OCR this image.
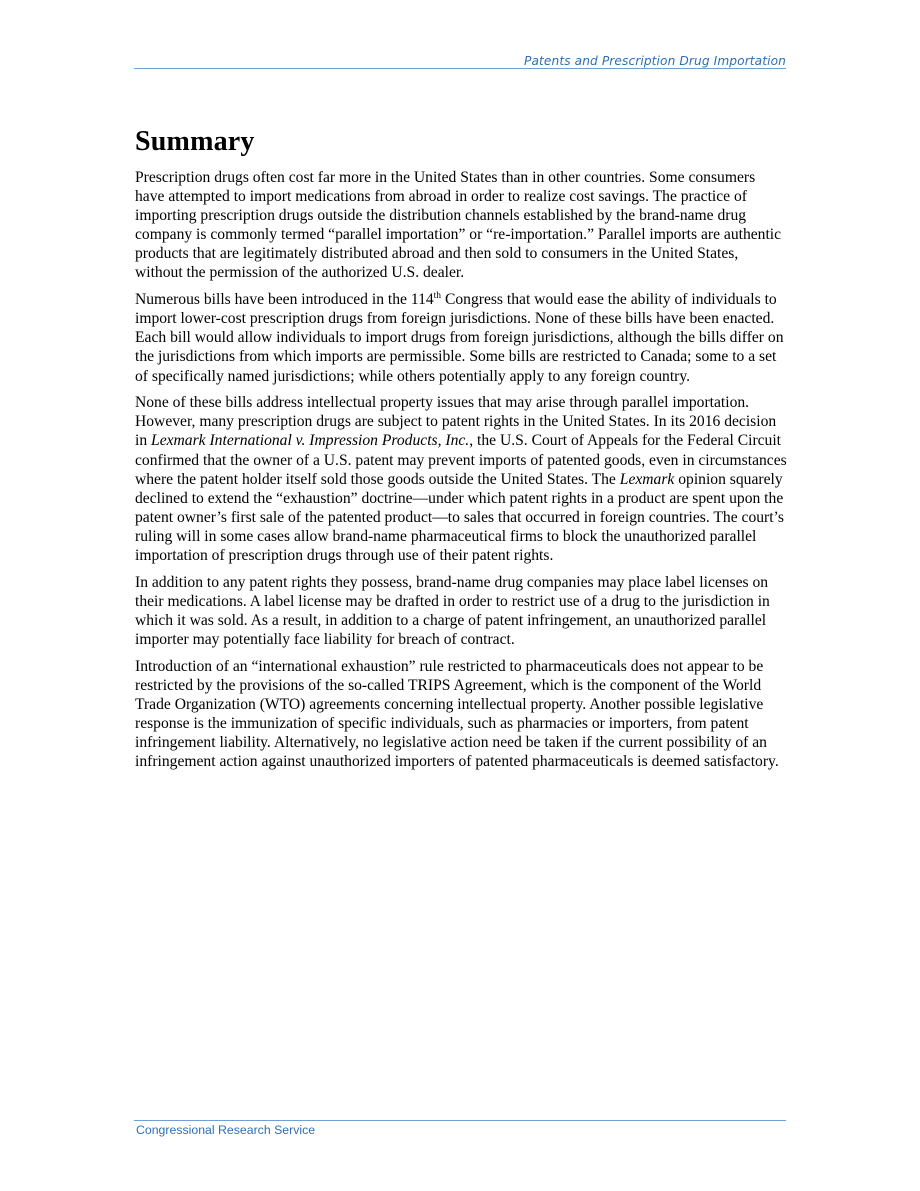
Patents and Prescription Drug Importation
Summary

Prescription drugs often cost far more in the United States than in other countries. Some consumers have attempted to import medications from abroad in order to realize cost savings. The practice of importing prescription drugs outside the distribution channels established by the brand-name drug company is commonly termed “parallel importation” or “re-importation.” Parallel imports are authentic products that are legitimately distributed abroad and then sold to consumers in the United States, without the permission of the authorized U.S. dealer.

Numerous bills have been introduced in the 114th Congress that would ease the ability of individuals to import lower-cost prescription drugs from foreign jurisdictions. None of these bills have been enacted. Each bill would allow individuals to import drugs from foreign jurisdictions, although the bills differ on the jurisdictions from which imports are permissible. Some bills are restricted to Canada; some to a set of specifically named jurisdictions; while others potentially apply to any foreign country.

None of these bills address intellectual property issues that may arise through parallel importation. However, many prescription drugs are subject to patent rights in the United States. In its 2016 decision in Lexmark International v. Impression Products, Inc., the U.S. Court of Appeals for the Federal Circuit confirmed that the owner of a U.S. patent may prevent imports of patented goods, even in circumstances where the patent holder itself sold those goods outside the United States. The Lexmark opinion squarely declined to extend the “exhaustion” doctrine—under which patent rights in a product are spent upon the patent owner’s first sale of the patented product—to sales that occurred in foreign countries. The court’s ruling will in some cases allow brand-name pharmaceutical firms to block the unauthorized parallel importation of prescription drugs through use of their patent rights.

In addition to any patent rights they possess, brand-name drug companies may place label licenses on their medications. A label license may be drafted in order to restrict use of a drug to the jurisdiction in which it was sold. As a result, in addition to a charge of patent infringement, an unauthorized parallel importer may potentially face liability for breach of contract.

Introduction of an “international exhaustion” rule restricted to pharmaceuticals does not appear to be restricted by the provisions of the so-called TRIPS Agreement, which is the component of the World Trade Organization (WTO) agreements concerning intellectual property. Another possible legislative response is the immunization of specific individuals, such as pharmacies or importers, from patent infringement liability. Alternatively, no legislative action need be taken if the current possibility of an infringement action against unauthorized importers of patented pharmaceuticals is deemed satisfactory.

Congressional Research Service
